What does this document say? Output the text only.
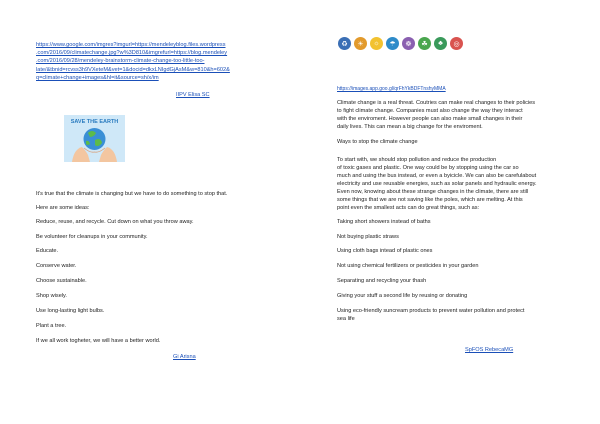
https://www.google.com/imgres?imgurl=https://mendeleyblog.files.wordpress
.com/2016/09/climatechange.jpg?w%3D810&imgrefurl=https://blog.mendeley
.com/2016/09/28/mendeley-brainstorm-climate-change-too-little-too-
late/&tbnid=rcvss3h9VXeteM&vet=1&docid=dkxLNIgdGjAsM&w=810&h=602&
q=climate+change+images&hl=it&source=sh/x/im
IIPV Elisa SC
SAVE THE EARTH
It's true that the climate is changing but we have to do something to stop that.
Here are some ideas:
Reduce, reuse, and recycle. Cut down on what you throw away.
Be volunteer for cleanups in your community.
Educate.
Conserve water.
Choose sustainable.
Shop wisely.
Use long-lasting light bulbs.
Plant a tree.
If we all work togheter, we will have a better world.
Gi Arisna
♻	☀	☼	☂	☸	☘	♣	◎
https://images.app.goo.gl/qrFhYkBDFTnshyMMA
Climate change is a real threat. Coutries can make real changes to their policies
to fight climate change. Companies must also change the way they interact
with the enviroment. However people can also make small changes in their
daily lives. This can mean a big change for the enviroment.
Ways to stop the climate change
To start with, we should stop pollution and reduce the production
of toxic gases and plastic. One way could be by stopping using the car so
much and using the bus instead, or even a byicicle. We can also be carefulabout
electricity and use reusable energies, such as solar panels and hydraulic energy.
Even now, knowing about these strange changes in the climate, there are still
some things that we are not saving like the poles, which are melting. At this
point even the smallest acts can do great things, such as:
Taking short showers instead of baths
Not buying plastic straws
Using cloth bags intead of plastic ones
Not using chemical fertilizers or pesticides in your garden
Separating and recycling your thash
Giving your stuff a second life by reusing or donating
Using eco-friendly suncream products to prevent water pollution and protect
sea life
SpFOS RebecaMG
